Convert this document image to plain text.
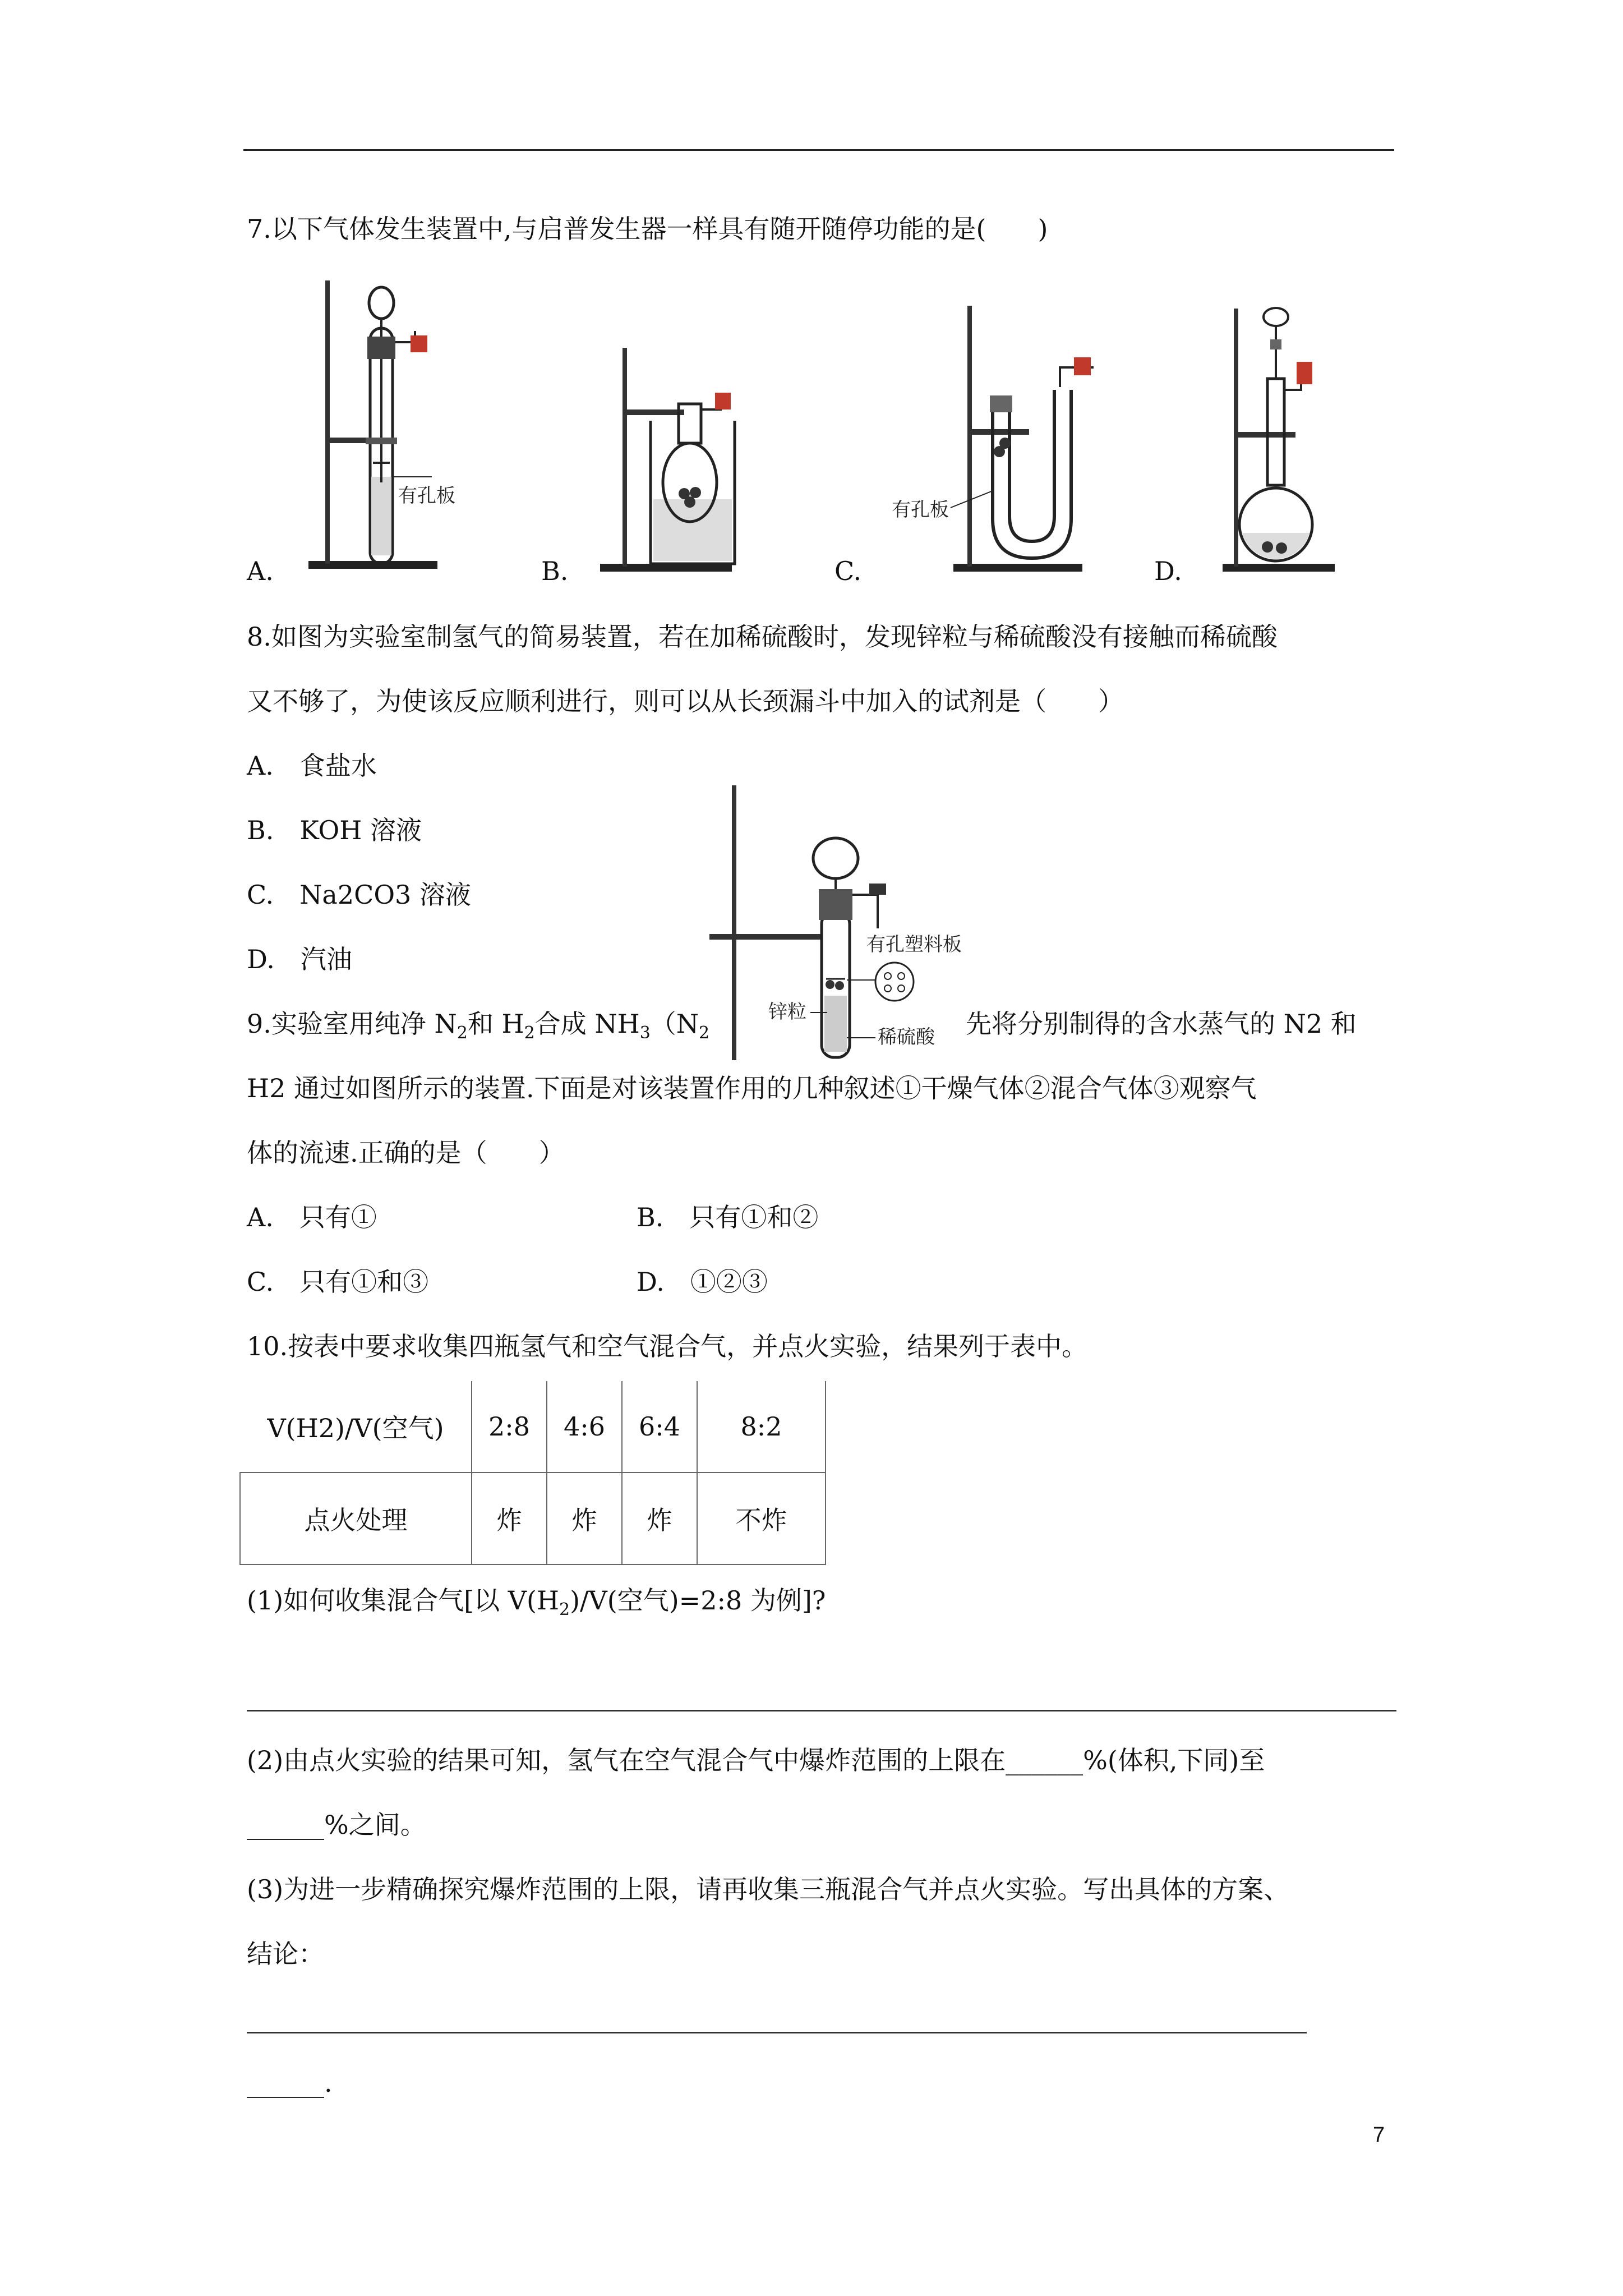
7.以下气体发生装置中,与启普发生器一样具有随开随停功能的是(　　)
有孔板
A.	B.
有孔板
C.	D.
8.如图为实验室制氢气的简易装置，若在加稀硫酸时，发现锌粒与稀硫酸没有接触而稀硫酸
又不够了，为使该反应顺利进行，则可以从长颈漏斗中加入的试剂是（　　）
A.　食盐水
B.　KOH 溶液
C.　Na2CO3 溶液
D.　汽油	有孔塑料板
锌粒
稀硫酸
9.实验室用纯净 $N_2$和 $H_2$合成 $NH_3(N_2$	先将分别制得的含水蒸气的 N2 和
H2 通过如图所示的装置.下面是对该装置作用的几种叙述①干燥气体②混合气体③观察气
体的流速.正确的是（　　）
A.　只有①	B.　只有①和②
C.　只有①和③	D.　①②③
10.按表中要求收集四瓶氢气和空气混合气，并点火实验，结果列于表中。
V(H2)/V(空气)	2:8	4:6	6:4	8:2
点火处理	炸	炸	炸	不炸
(1)如何收集混合气[以 $V(H_2)/V$(空气)=2:8 为例]?
(2)由点火实验的结果可知，氢气在空气混合气中爆炸范围的上限在______%(体积,下同)至
______%之间。
(3)为进一步精确探究爆炸范围的上限，请再收集三瓶混合气并点火实验。写出具体的方案、
结论：
______.
7
